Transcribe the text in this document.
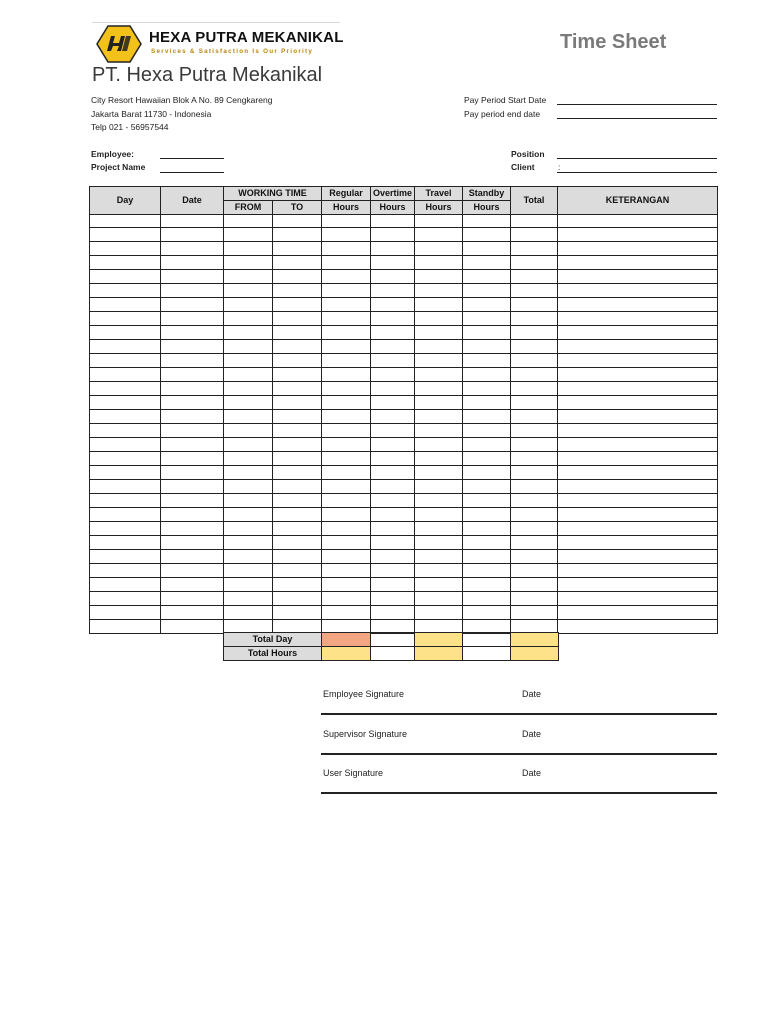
HEXA PUTRA MEKANIKAL
Services & Satisfaction Is Our Priority	Time Sheet
PT. Hexa Putra Mekanikal
City Resort Hawaiian Blok A No. 89 Cengkareng
Jakarta Barat 11730 - Indonesia
Telp 021 - 56957544
Pay Period Start Date
Pay period end date
Employee:
Project Name
Position
Client	:
Day	Date	WORKING TIME		Regular	Overtime	Travel	Standby	Total	KETERANGAN
		FROM	TO	Hours	Hours	Hours	Hours		

Total Day					
Total Hours					
Employee Signature	Date
Supervisor Signature	Date
User Signature	Date
